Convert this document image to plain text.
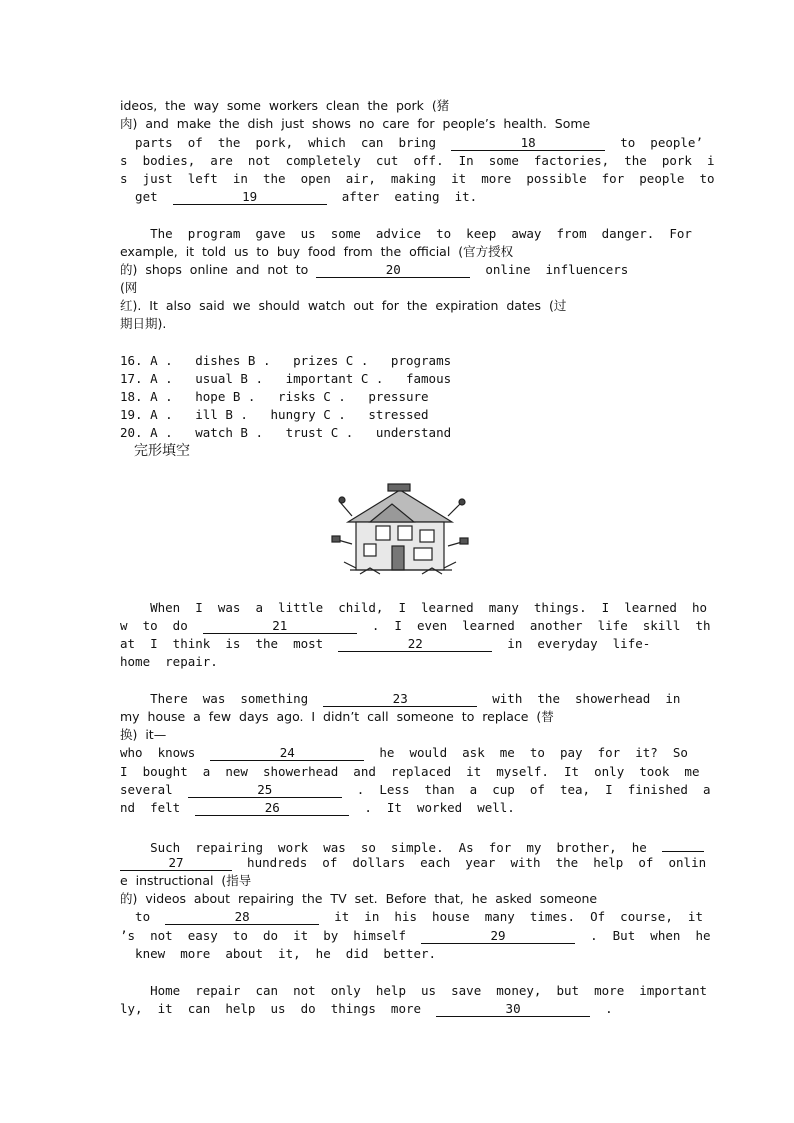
ideos,  the  way  some  workers  clean  the  pork  (猪
肉)  and  make  the  dish  just  shows  no  care  for  people’s  health.  Some
parts  of  the  pork,  which  can  bring	18	to  people’
s  bodies,  are  not  completely  cut  off.  In  some  factories,  the  pork  i
s  just  left  in  the  open  air,  making  it  more  possible  for  people  to
get	19	after  eating  it.
The  program  gave  us  some  advice  to  keep  away  from  danger.  For
example,  it  told  us  to  buy  food  from  the  official  (官方授权
的)  shops  online  and  not  to	20	online  influencers
(网
红).  It  also  said  we  should  watch  out  for  the  expiration  dates  (过
期日期).
16. A .   dishes B .   prizes C .   programs
17. A .   usual B .   important C .   famous
18. A .   hope B .   risks C .   pressure
19. A .   ill B .   hungry C .   stressed
20. A .   watch B .   trust C .   understand
完形填空
When  I  was  a  little  child,  I  learned  many  things.  I  learned  ho
w  to  do	21	.  I  even  learned  another  life  skill  th
at  I  think  is  the  most	22	in  everyday  life-
home  repair.
There  was  something	23	with  the  showerhead  in
my  house  a  few  days  ago.  I  didn’t  call  someone  to  replace  (替
换)  it—
who  knows	24	he  would  ask  me  to  pay  for  it?  So
I  bought  a  new  showerhead  and  replaced  it  myself.  It  only  took  me
several	25	.  Less  than  a  cup  of  tea,  I  finished  a
nd  felt	26	.  It  worked  well.
Such  repairing  work  was  so  simple.  As  for  my  brother,  he
27	hundreds  of  dollars  each  year  with  the  help  of  onlin
e  instructional  (指导
的)  videos  about  repairing  the  TV  set.  Before  that,  he  asked  someone
to	28	it  in  his  house  many  times.  Of  course,  it
’s  not  easy  to  do  it  by  himself	29	.  But  when  he
knew  more  about  it,  he  did  better.
Home  repair  can  not  only  help  us  save  money,  but  more  important
ly,  it  can  help  us  do  things  more	30	.
